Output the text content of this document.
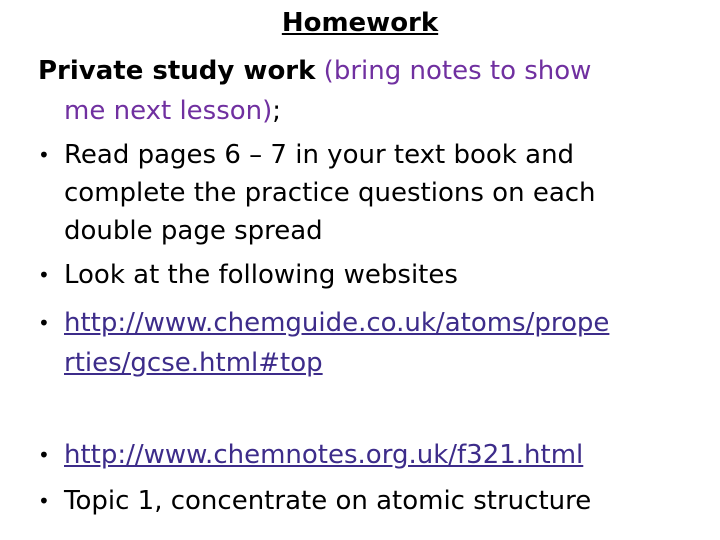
Homework
Private study work (bring notes to show
me next lesson);
• Read pages 6 – 7 in your text book and
complete the practice questions on each
double page spread
• Look at the following websites
• http://www.chemguide.co.uk/atoms/prope
rties/gcse.html#top
• http://www.chemnotes.org.uk/f321.html
• Topic 1, concentrate on atomic structure
